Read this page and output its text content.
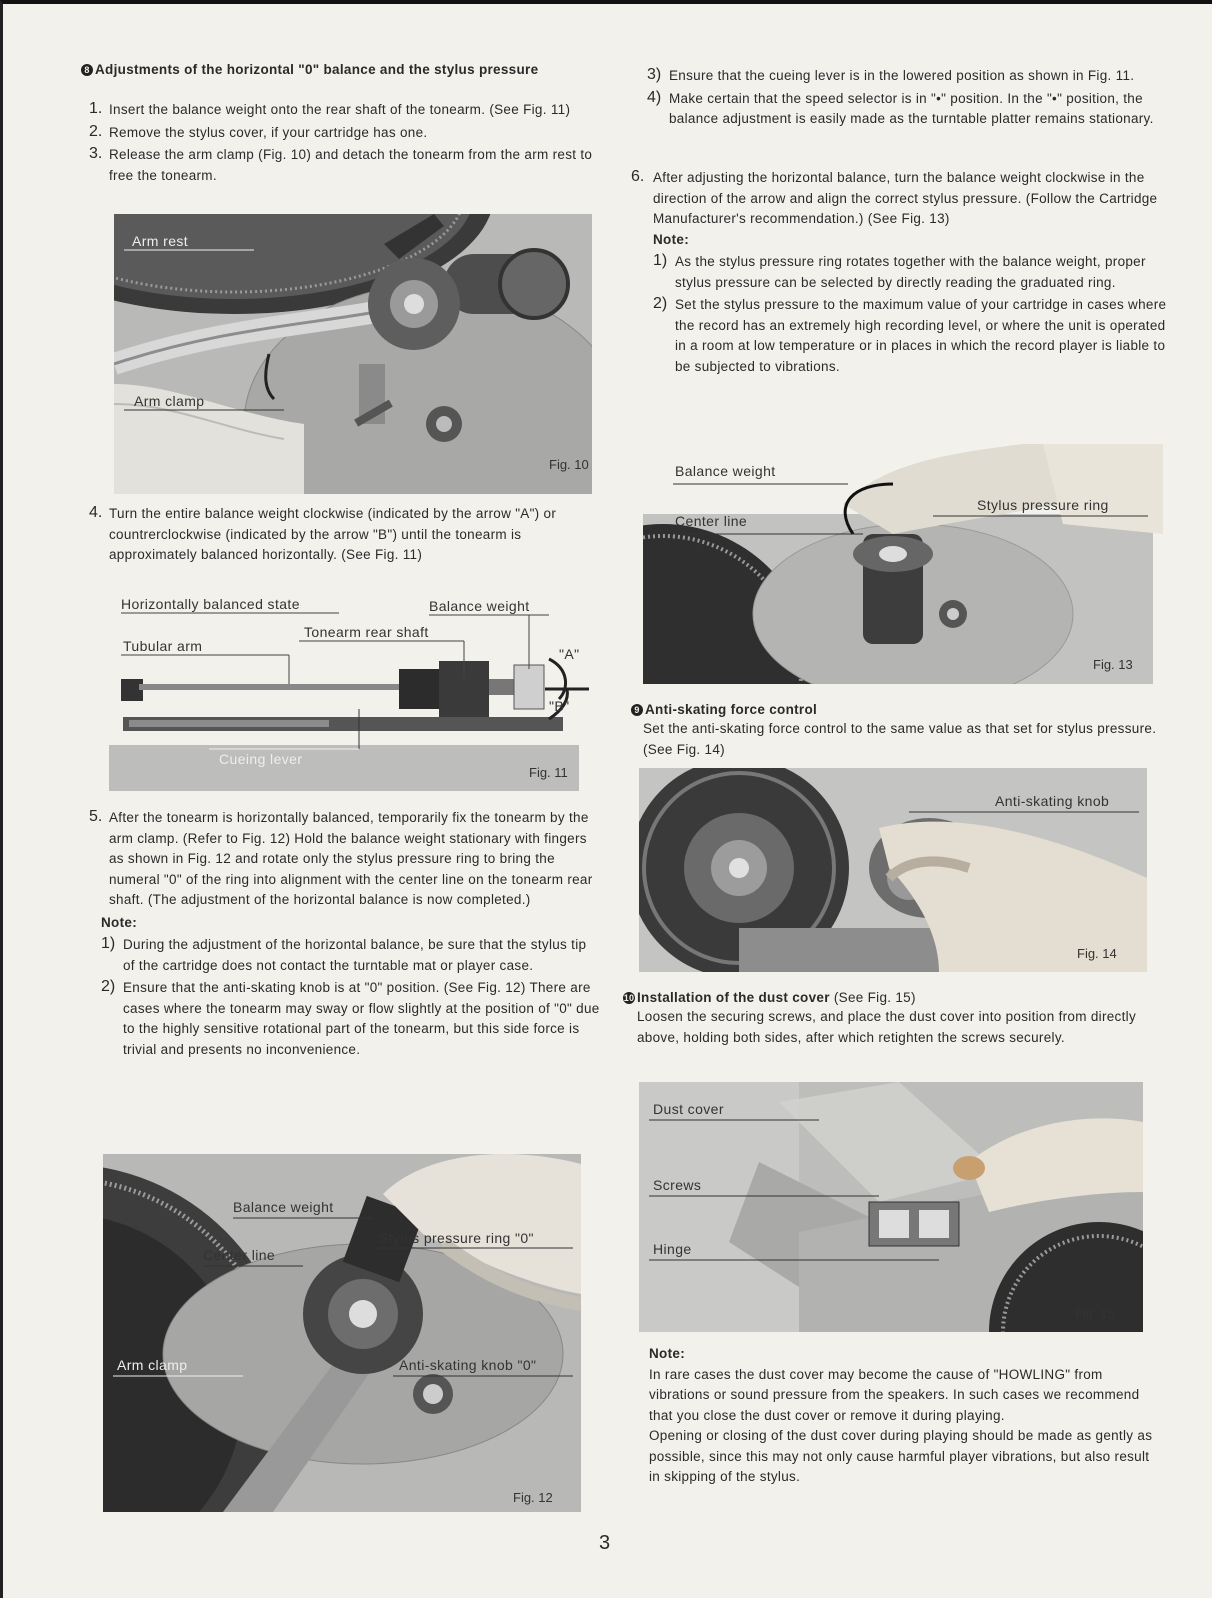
8 Adjustments of the horizontal "0" balance and the stylus pressure

1. Insert the balance weight onto the rear shaft of the tonearm. (See Fig. 11)

2. Remove the stylus cover, if your cartridge has one.

3. Release the arm clamp (Fig. 10) and detach the tonearm from the arm rest to free the tonearm.

Arm rest
Arm clamp
Fig. 10
4. Turn the entire balance weight clockwise (indicated by the arrow "A") or countrerclockwise (indicated by the arrow "B") until the tonearm is approximately balanced horizontally. (See Fig. 11)

Horizontally balanced state	Balance weight
Tonearm rear shaft
Tubular arm	"A"
"B"
Cueing lever
Fig. 11
5. After the tonearm is horizontally balanced, temporarily fix the tonearm by the arm clamp. (Refer to Fig. 12) Hold the balance weight stationary with fingers as shown in Fig. 12 and rotate only the stylus pressure ring to bring the numeral "0" of the ring into alignment with the center line on the tonearm rear shaft. (The adjustment of the horizontal balance is now completed.)

Note:

1) During the adjustment of the horizontal balance, be sure that the stylus tip of the cartridge does not contact the turntable mat or player case.

2) Ensure that the anti-skating knob is at "0" position. (See Fig. 12) There are cases where the tonearm may sway or flow slightly at the position of "0" due to the highly sensitive rotational part of the tonearm, but this side force is trivial and presents no inconvenience.

Balance weight
Center line
Stylus pressure ring "0"
Arm clamp	Anti-skating knob "0"
Fig. 12
3) Ensure that the cueing lever is in the lowered position as shown in Fig. 11.

4) Make certain that the speed selector is in "•" position. In the "•" position, the balance adjustment is easily made as the turntable platter remains stationary.

6. After adjusting the horizontal balance, turn the balance weight clockwise in the direction of the arrow and align the correct stylus pressure. (Follow the Cartridge Manufacturer's recommendation.) (See Fig. 13)

Note:

1) As the stylus pressure ring rotates together with the balance weight, proper stylus pressure can be selected by directly reading the graduated ring.

2) Set the stylus pressure to the maximum value of your cartridge in cases where the record has an extremely high recording level, or where the unit is operated in a room at low temperature or in places in which the record player is liable to be subjected to vibrations.

Balance weight
Center line
Stylus pressure ring
Fig. 13

9 Anti-skating force control

Set the anti-skating force control to the same value as that set for stylus pressure. (See Fig. 14)

Anti-skating knob
Fig. 14

10 Installation of the dust cover (See Fig. 15)

Loosen the securing screws, and place the dust cover into position from directly above, holding both sides, after which retighten the screws securely.

Dust cover
Screws
Hinge
Fig. 15

Note:

In rare cases the dust cover may become the cause of "HOWLING" from vibrations or sound pressure from the speakers. In such cases we recommend that you close the dust cover or remove it during playing.

Opening or closing of the dust cover during playing should be made as gently as possible, since this may not only cause harmful player vibrations, but also result in skipping of the stylus.

3
